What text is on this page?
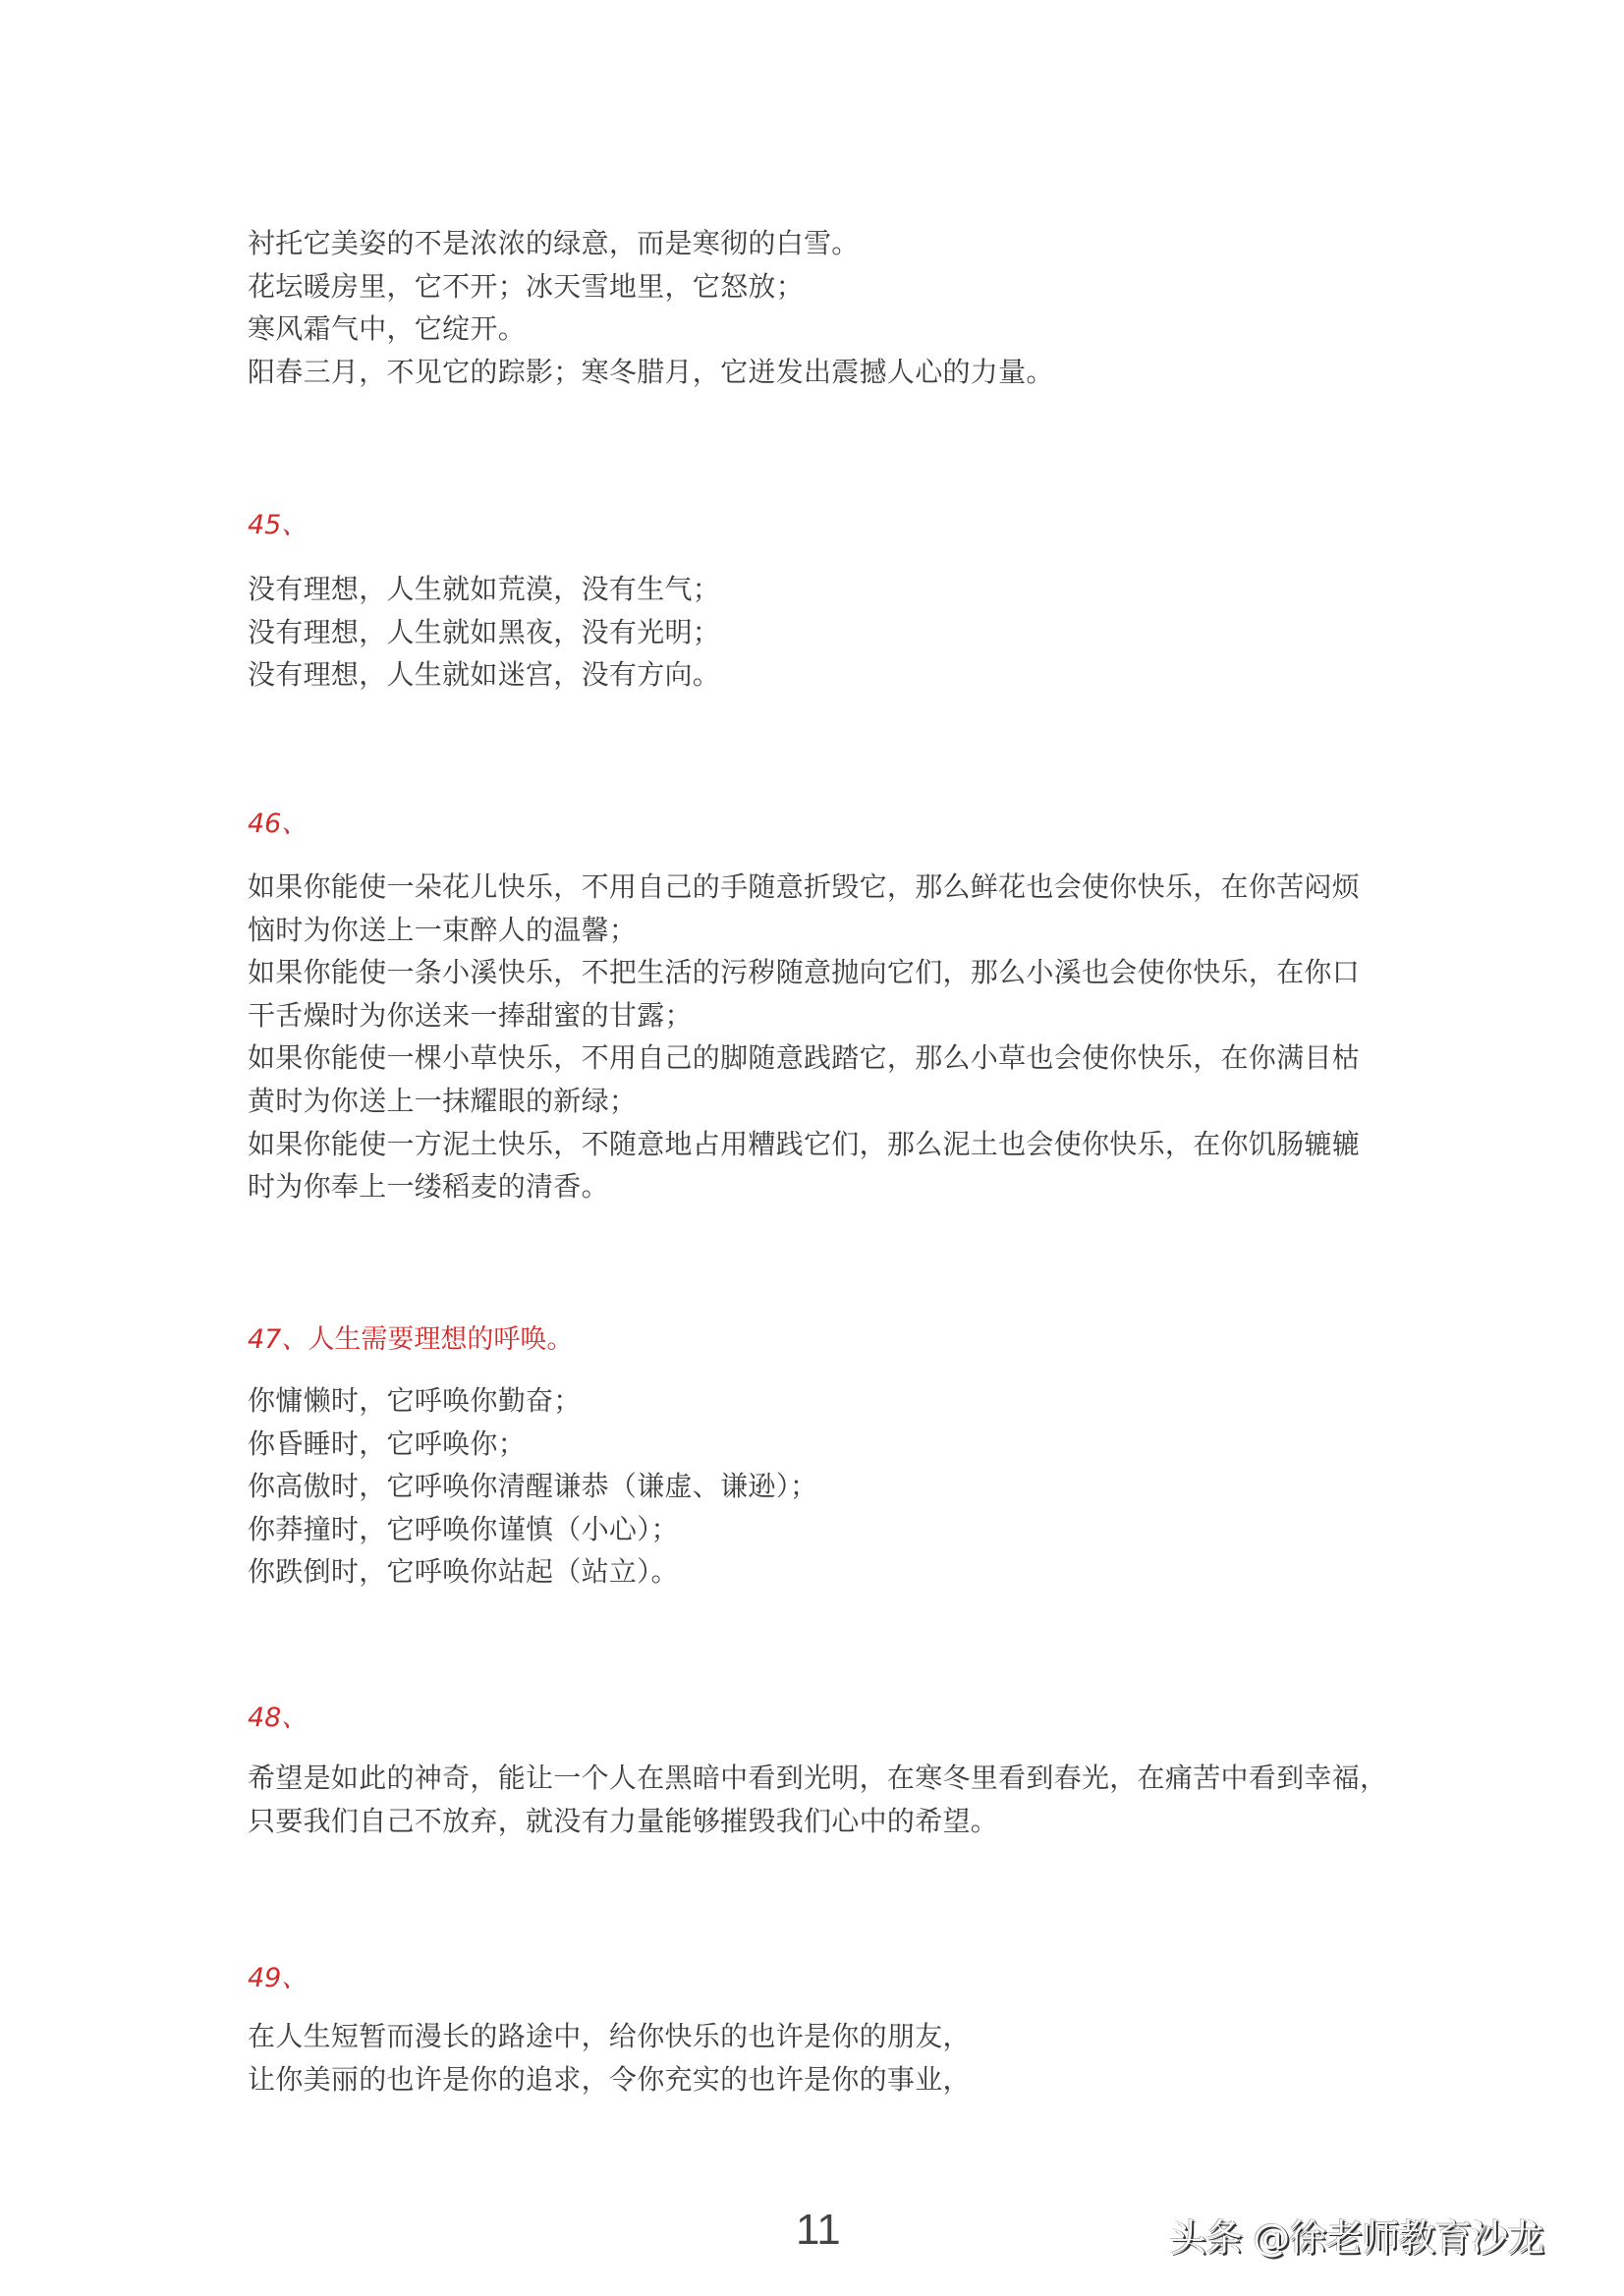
衬托它美姿的不是浓浓的绿意，而是寒彻的白雪。
花坛暖房里，它不开；冰天雪地里，它怒放；
寒风霜气中，它绽开。
阳春三月，不见它的踪影；寒冬腊月，它迸发出震撼人心的力量。
45、
没有理想，人生就如荒漠，没有生气；
没有理想，人生就如黑夜，没有光明；
没有理想，人生就如迷宫，没有方向。
46、
如果你能使一朵花儿快乐，不用自己的手随意折毁它，那么鲜花也会使你快乐，在你苦闷烦
恼时为你送上一束醉人的温馨；
如果你能使一条小溪快乐，不把生活的污秽随意抛向它们，那么小溪也会使你快乐，在你口
干舌燥时为你送来一捧甜蜜的甘露；
如果你能使一棵小草快乐，不用自己的脚随意践踏它，那么小草也会使你快乐，在你满目枯
黄时为你送上一抹耀眼的新绿；
如果你能使一方泥土快乐，不随意地占用糟践它们，那么泥土也会使你快乐，在你饥肠辘辘
时为你奉上一缕稻麦的清香。
47、人生需要理想的呼唤。
你慵懒时，它呼唤你勤奋；
你昏睡时，它呼唤你；
你高傲时，它呼唤你清醒谦恭（谦虚、谦逊）；
你莽撞时，它呼唤你谨慎（小心）；
你跌倒时，它呼唤你站起（站立）。
48、
希望是如此的神奇，能让一个人在黑暗中看到光明，在寒冬里看到春光，在痛苦中看到幸福，
只要我们自己不放弃，就没有力量能够摧毁我们心中的希望。
49、
在人生短暂而漫长的路途中，给你快乐的也许是你的朋友，
让你美丽的也许是你的追求，令你充实的也许是你的事业，
11	头条 @徐老师教育沙龙
